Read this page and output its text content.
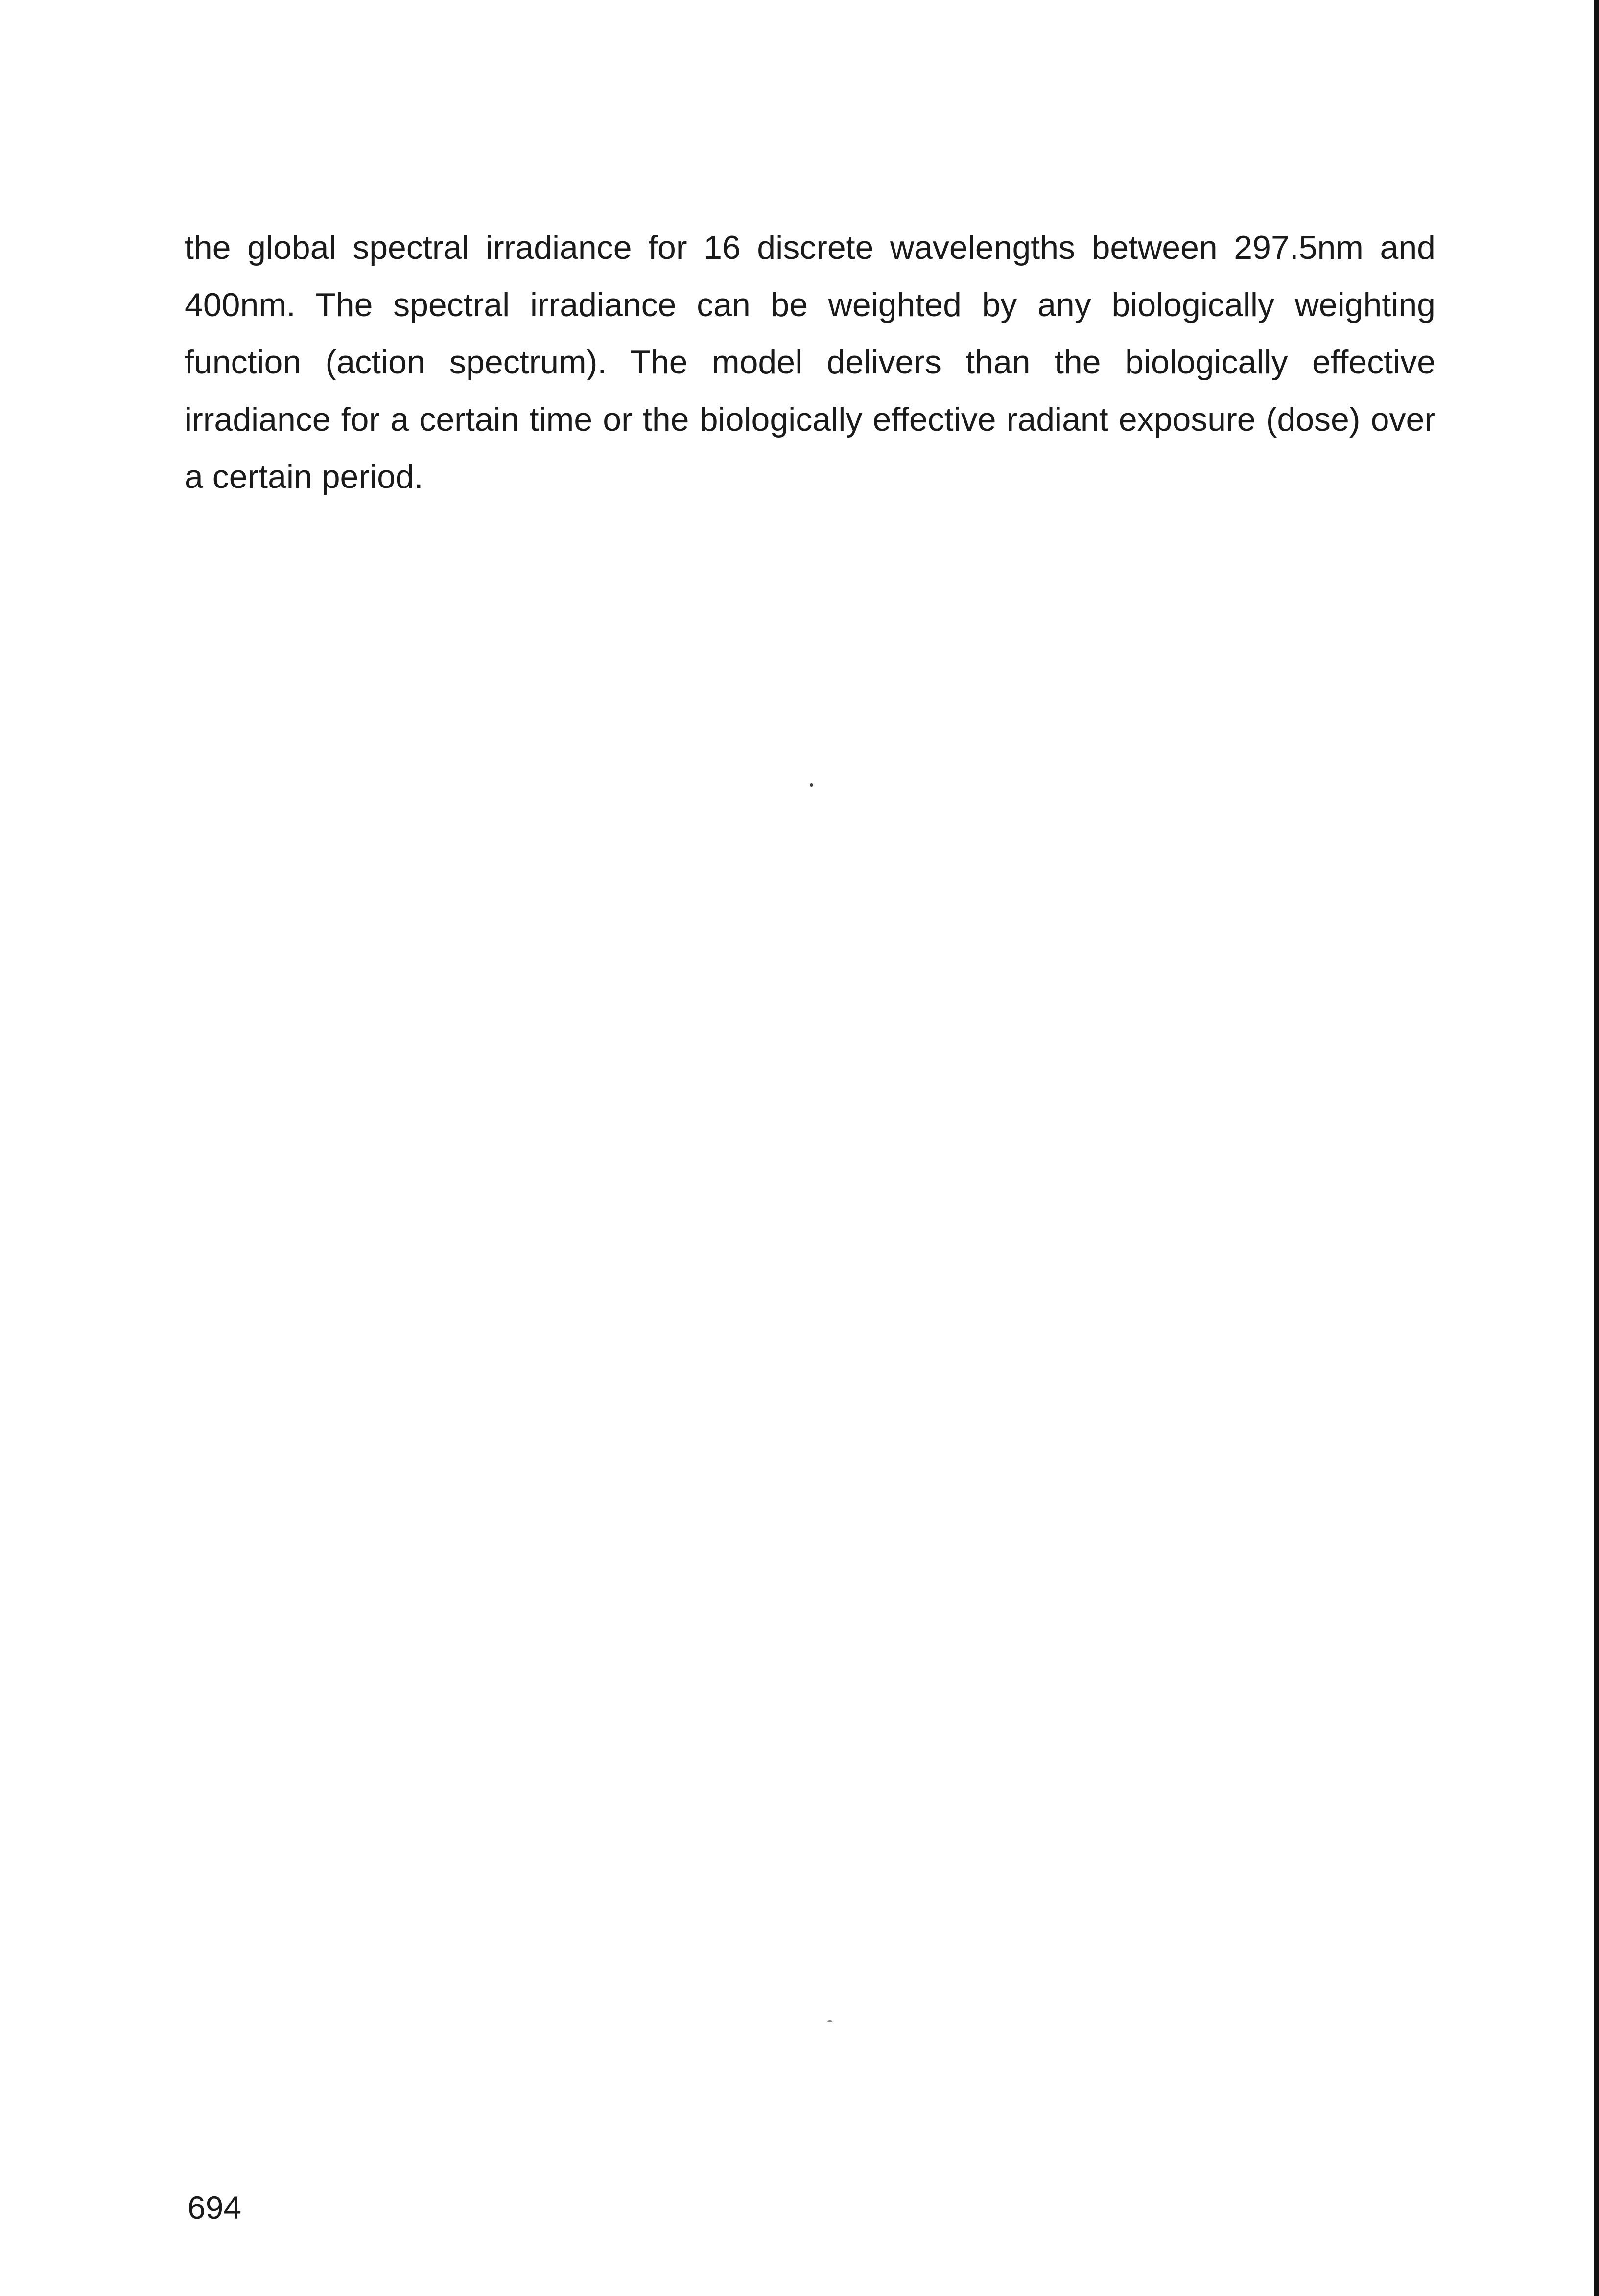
the global spectral irradiance for 16 discrete wavelengths between 297.5nm and 400nm. The spectral irradiance can be weighted by any biologically weighting function (action spectrum). The model delivers than the biologically effective irradiance for a certain time or the biologically effective radiant exposure (dose) over a certain period.

694
